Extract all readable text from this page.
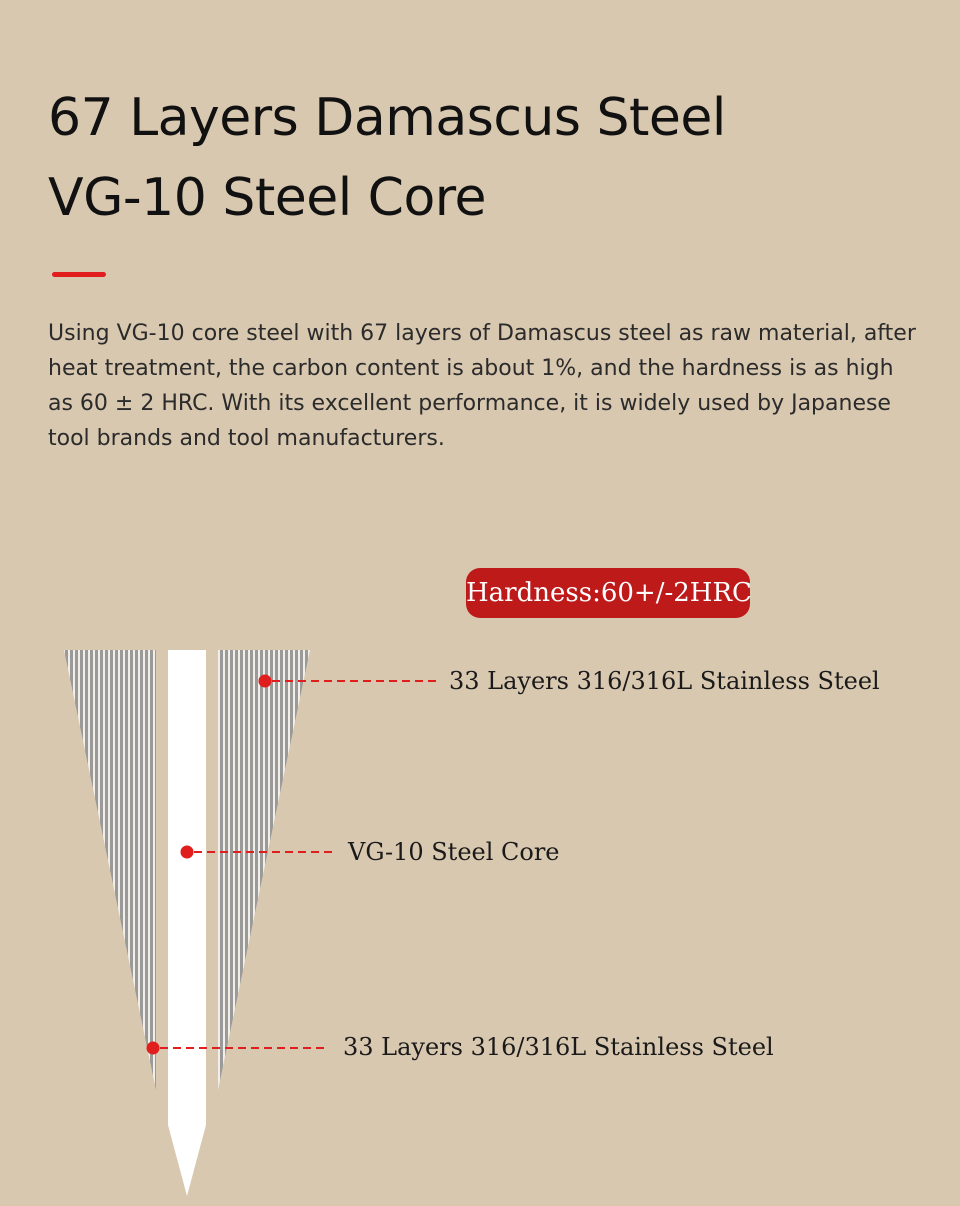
67 Layers Damascus Steel
VG-10 Steel Core

Using VG-10 core steel with 67 layers of Damascus steel as raw material, after heat treatment, the carbon content is about 1%, and the hardness is as high as 60 ± 2 HRC. With its excellent performance, it is widely used by Japanese tool brands and tool manufacturers.

Hardness:60+/-2HRC
33 Layers 316/316L Stainless Steel
VG-10 Steel Core
33 Layers 316/316L Stainless Steel
